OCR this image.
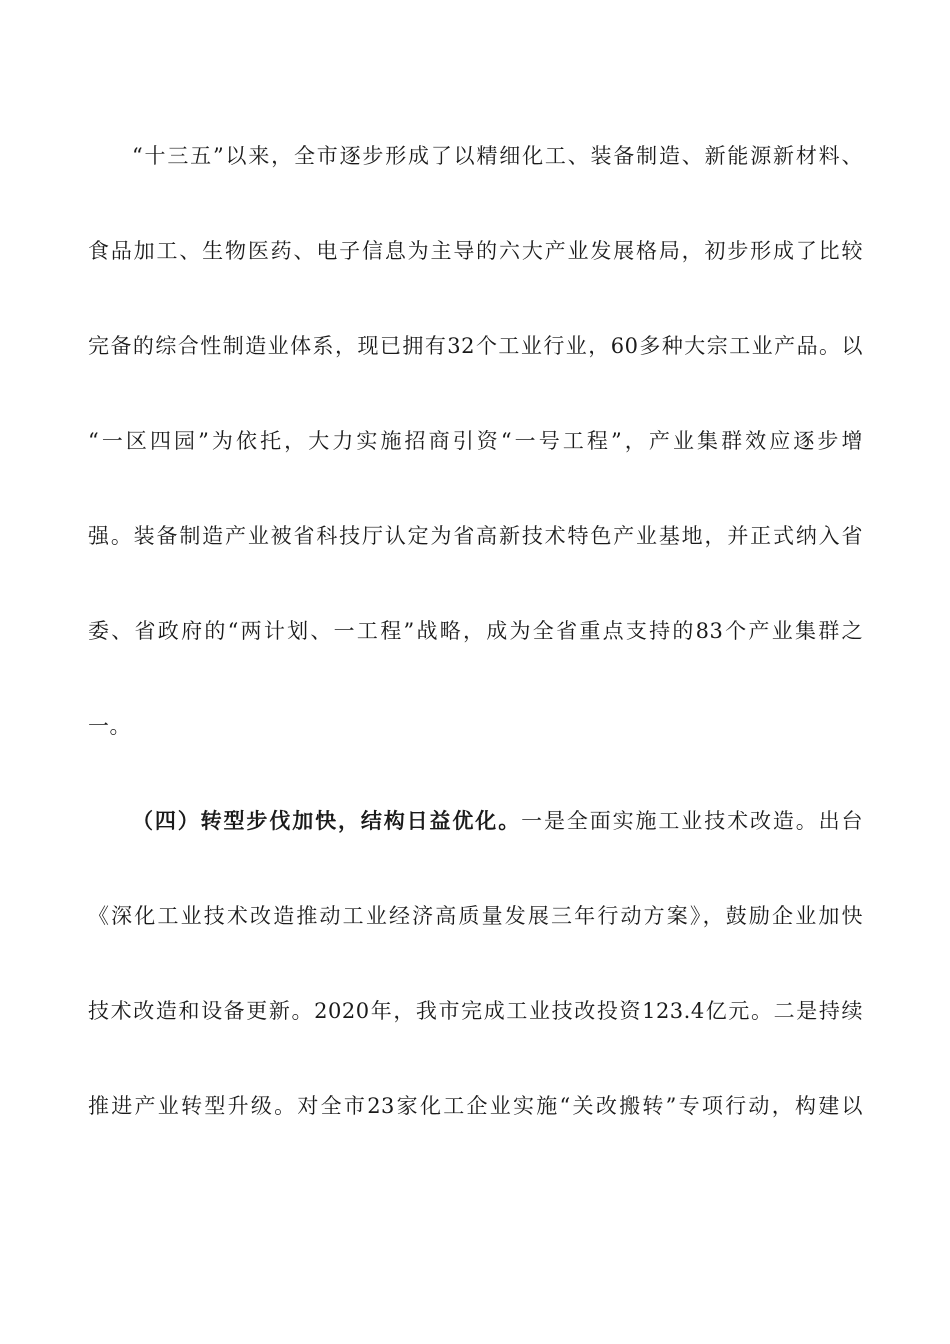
“十三五”以来，全市逐步形成了以精细化工、装备制造、新能源新材料、
食品加工、生物医药、电子信息为主导的六大产业发展格局，初步形成了比较
完备的综合性制造业体系，现已拥有32个工业行业，60多种大宗工业产品。以
“一区四园”为依托，大力实施招商引资“一号工程”，产业集群效应逐步增
强。装备制造产业被省科技厅认定为省高新技术特色产业基地，并正式纳入省
委、省政府的“两计划、一工程”战略，成为全省重点支持的83个产业集群之
一。
（四）转型步伐加快，结构日益优化。一是全面实施工业技术改造。出台
《深化工业技术改造推动工业经济高质量发展三年行动方案》，鼓励企业加快
技术改造和设备更新。2020年，我市完成工业技改投资123.4亿元。二是持续
推进产业转型升级。对全市23家化工企业实施“关改搬转”专项行动，构建以
